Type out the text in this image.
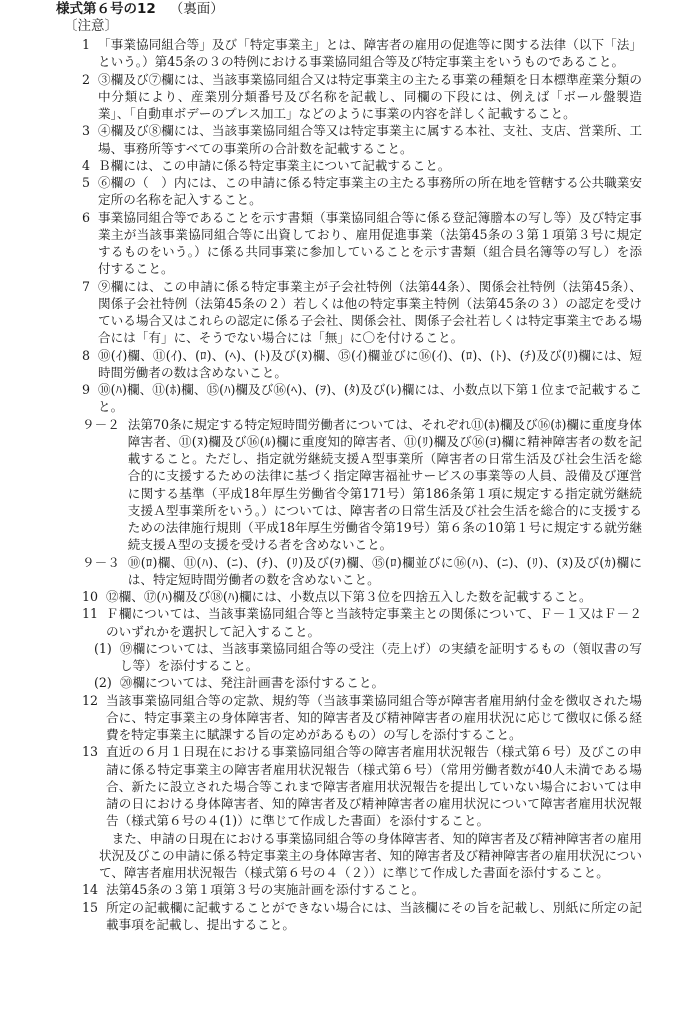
様式第６号の12 （裏面）
〔注意〕
1 「事業協同組合等」及び「特定事業主」とは、障害者の雇用の促進等に関する法律（以下「法」という。）第45条の３の特例における事業協同組合等及び特定事業主をいうものであること。
2 ③欄及び⑦欄には、当該事業協同組合又は特定事業主の主たる事業の種類を日本標準産業分類の中分類により、産業別分類番号及び名称を記載し、同欄の下段には、例えば「ボール盤製造業」、「自動車ボデーのプレス加工」などのように事業の内容を詳しく記載すること。
3 ④欄及び⑧欄には、当該事業協同組合等又は特定事業主に属する本社、支社、支店、営業所、工場、事務所等すべての事業所の合計数を記載すること。
4 Ｂ欄には、この申請に係る特定事業主について記載すること。
5 ⑥欄の（　）内には、この申請に係る特定事業主の主たる事務所の所在地を管轄する公共職業安定所の名称を記入すること。
6 事業協同組合等であることを示す書類（事業協同組合等に係る登記簿謄本の写し等）及び特定事業主が当該事業協同組合等に出資しており、雇用促進事業（法第45条の３第１項第３号に規定するものをいう。）に係る共同事業に参加していることを示す書類（組合員名簿等の写し）を添付すること。
7 ⑨欄には、この申請に係る特定事業主が子会社特例（法第44条）、関係会社特例（法第45条）、関係子会社特例（法第45条の２）若しくは他の特定事業主特例（法第45条の３）の認定を受けている場合又はこれらの認定に係る子会社、関係会社、関係子会社若しくは特定事業主である場合には「有」に、そうでない場合には「無」に〇を付けること。
8 ⑩(ｲ)欄、⑪(ｲ)、(ﾛ)、(ﾍ)、(ﾄ)及び(ﾇ)欄、⑮(ｲ)欄並びに⑯(ｲ)、(ﾛ)、(ﾄ)、(ﾁ)及び(ﾘ)欄には、短時間労働者の数は含めないこと。
9 ⑩(ﾊ)欄、⑪(ﾎ)欄、⑮(ﾊ)欄及び⑯(ﾍ)、(ｦ)、(ﾀ)及び(ﾚ)欄には、小数点以下第１位まで記載すること。
９－２ 法第70条に規定する特定短時間労働者については、それぞれ⑪(ﾎ)欄及び⑯(ﾎ)欄に重度身体障害者、⑪(ﾇ)欄及び⑯(ﾙ)欄に重度知的障害者、⑪(ﾘ)欄及び⑯(ﾖ)欄に精神障害者の数を記載すること。ただし、指定就労継続支援Ａ型事業所（障害者の日常生活及び社会生活を総合的に支援するための法律に基づく指定障害福祉サービスの事業等の人員、設備及び運営に関する基準（平成18年厚生労働省令第171号）第186条第１項に規定する指定就労継続支援Ａ型事業所をいう。）については、障害者の日常生活及び社会生活を総合的に支援するための法律施行規則（平成18年厚生労働省令第19号）第６条の10第１号に規定する就労継続支援Ａ型の支援を受ける者を含めないこと。
９－３ ⑩(ﾛ)欄、⑪(ﾊ)、(ﾆ)、(ﾁ)、(ﾘ)及び(ｦ)欄、⑮(ﾛ)欄並びに⑯(ﾊ)、(ﾆ)、(ﾘ)、(ﾇ)及び(ｶ)欄には、特定短時間労働者の数を含めないこと。
10 ⑫欄、⑰(ﾊ)欄及び⑱(ﾊ)欄には、小数点以下第３位を四捨五入した数を記載すること。
11 Ｆ欄については、当該事業協同組合等と当該特定事業主との関係について、Ｆ－１又はＦ－２のいずれかを選択して記入すること。
(1) ⑲欄については、当該事業協同組合等の受注（売上げ）の実績を証明するもの（領収書の写し等）を添付すること。
(2) ⑳欄については、発注計画書を添付すること。
12 当該事業協同組合等の定款、規約等（当該事業協同組合等が障害者雇用納付金を徴収された場合に、特定事業主の身体障害者、知的障害者及び精神障害者の雇用状況に応じて徴収に係る経費を特定事業主に賦課する旨の定めがあるもの）の写しを添付すること。
13 直近の６月１日現在における事業協同組合等の障害者雇用状況報告（様式第６号）及びこの申請に係る特定事業主の障害者雇用状況報告（様式第６号）（常用労働者数が40人未満である場合、新たに設立された場合等これまで障害者雇用状況報告を提出していない場合においては申請の日における身体障害者、知的障害者及び精神障害者の雇用状況について障害者雇用状況報告（様式第６号の４(1)）に準じて作成した書面）を添付すること。
また、申請の日現在における事業協同組合等の身体障害者、知的障害者及び精神障害者の雇用状況及びこの申請に係る特定事業主の身体障害者、知的障害者及び精神障害者の雇用状況について、障害者雇用状況報告（様式第６号の４（２））に準じて作成した書面を添付すること。
14 法第45条の３第１項第３号の実施計画を添付すること。
15 所定の記載欄に記載することができない場合には、当該欄にその旨を記載し、別紙に所定の記載事項を記載し、提出すること。
